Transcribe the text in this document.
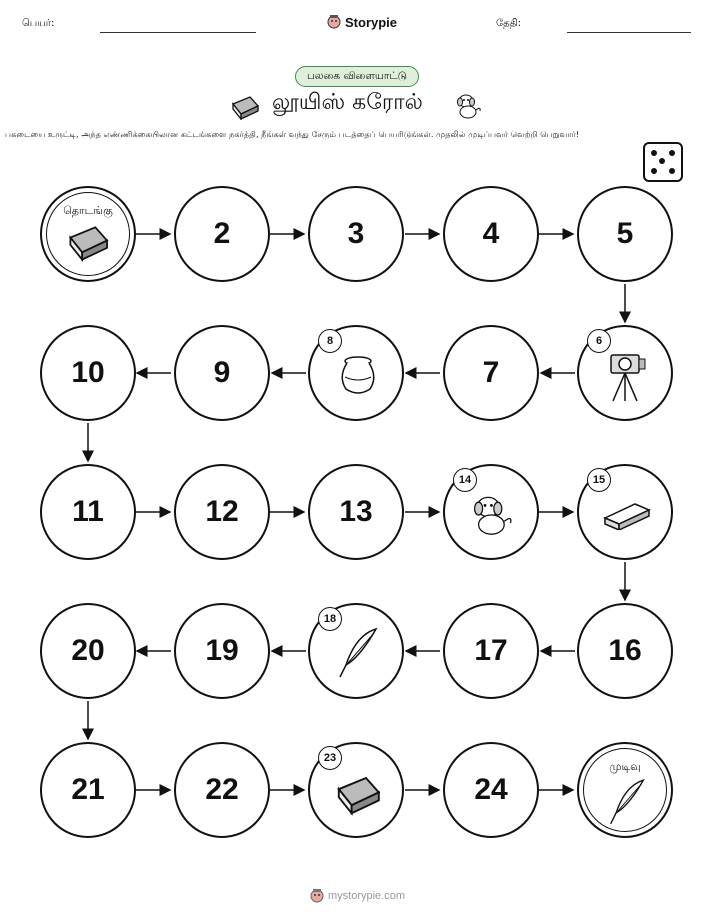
பெயர்:	Storypie	தேதி:
பலகை விளையாட்டு
லூயிஸ் கரோல்
பகடையை உருட்டி, அந்த எண்ணிக்கையிலான கட்டங்களை நகர்த்தி, நீங்கள் வந்து சேரும் படத்தைப் பெயரிடுங்கள். முதலில் முடிப்பவர் வெற்றி பெறுவார்!
தொடங்கு
2	3	4	5
10	9
8
7
6
11	12	13
14	15
20	19
18
17	16
21	22
23
24
முடிவு
mystorypie.com
